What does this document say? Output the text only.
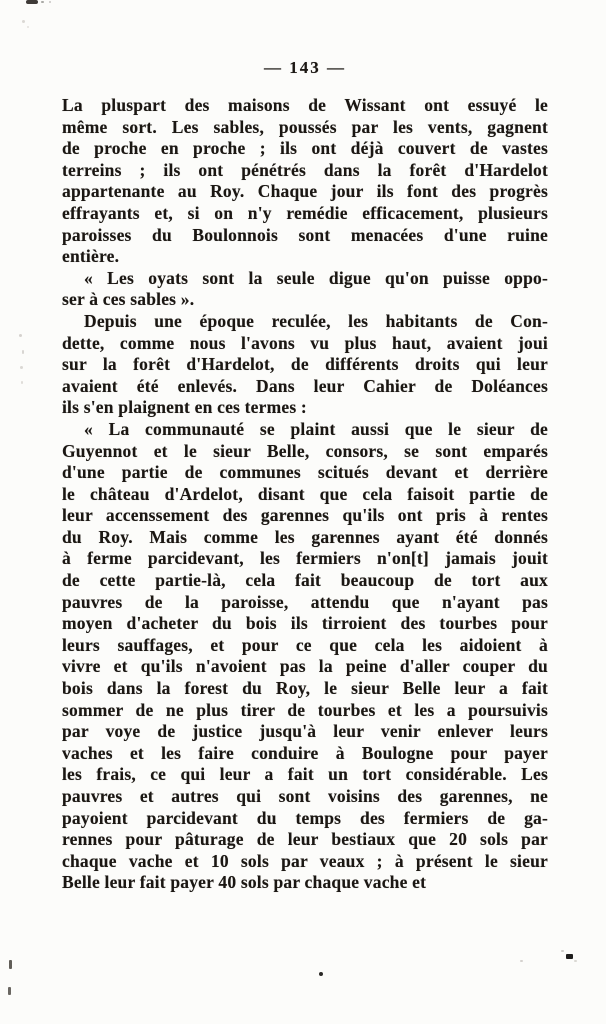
— 143 —
La pluspart des maisons de Wissant ont essuyé le
même sort. Les sables, poussés par les vents, gagnent
de proche en proche ; ils ont déjà couvert de vastes
terreins ; ils ont pénétrés dans la forêt d'Hardelot
appartenante au Roy. Chaque jour ils font des progrès
effrayants et, si on n'y remédie efficacement, plusieurs
paroisses du Boulonnois sont menacées d'une ruine
entière.
« Les oyats sont la seule digue qu'on puisse oppo-
ser à ces sables ».
Depuis une époque reculée, les habitants de Con-
dette, comme nous l'avons vu plus haut, avaient joui
sur la forêt d'Hardelot, de différents droits qui leur
avaient été enlevés. Dans leur Cahier de Doléances
ils s'en plaignent en ces termes :
« La communauté se plaint aussi que le sieur de
Guyennot et le sieur Belle, consors, se sont emparés
d'une partie de communes scitués devant et derrière
le château d'Ardelot, disant que cela faisoit partie de
leur accenssement des garennes qu'ils ont pris à rentes
du Roy. Mais comme les garennes ayant été donnés
à ferme parcidevant, les fermiers n'on[t] jamais jouit
de cette partie-là, cela fait beaucoup de tort aux
pauvres de la paroisse, attendu que n'ayant pas
moyen d'acheter du bois ils tirroient des tourbes pour
leurs sauffages, et pour ce que cela les aidoient à
vivre et qu'ils n'avoient pas la peine d'aller couper du
bois dans la forest du Roy, le sieur Belle leur a fait
sommer de ne plus tirer de tourbes et les a poursuivis
par voye de justice jusqu'à leur venir enlever leurs
vaches et les faire conduire à Boulogne pour payer
les frais, ce qui leur a fait un tort considérable. Les
pauvres et autres qui sont voisins des garennes, ne
payoient parcidevant du temps des fermiers de ga-
rennes pour pâturage de leur bestiaux que 20 sols par
chaque vache et 10 sols par veaux ; à présent le sieur
Belle leur fait payer 40 sols par chaque vache et
